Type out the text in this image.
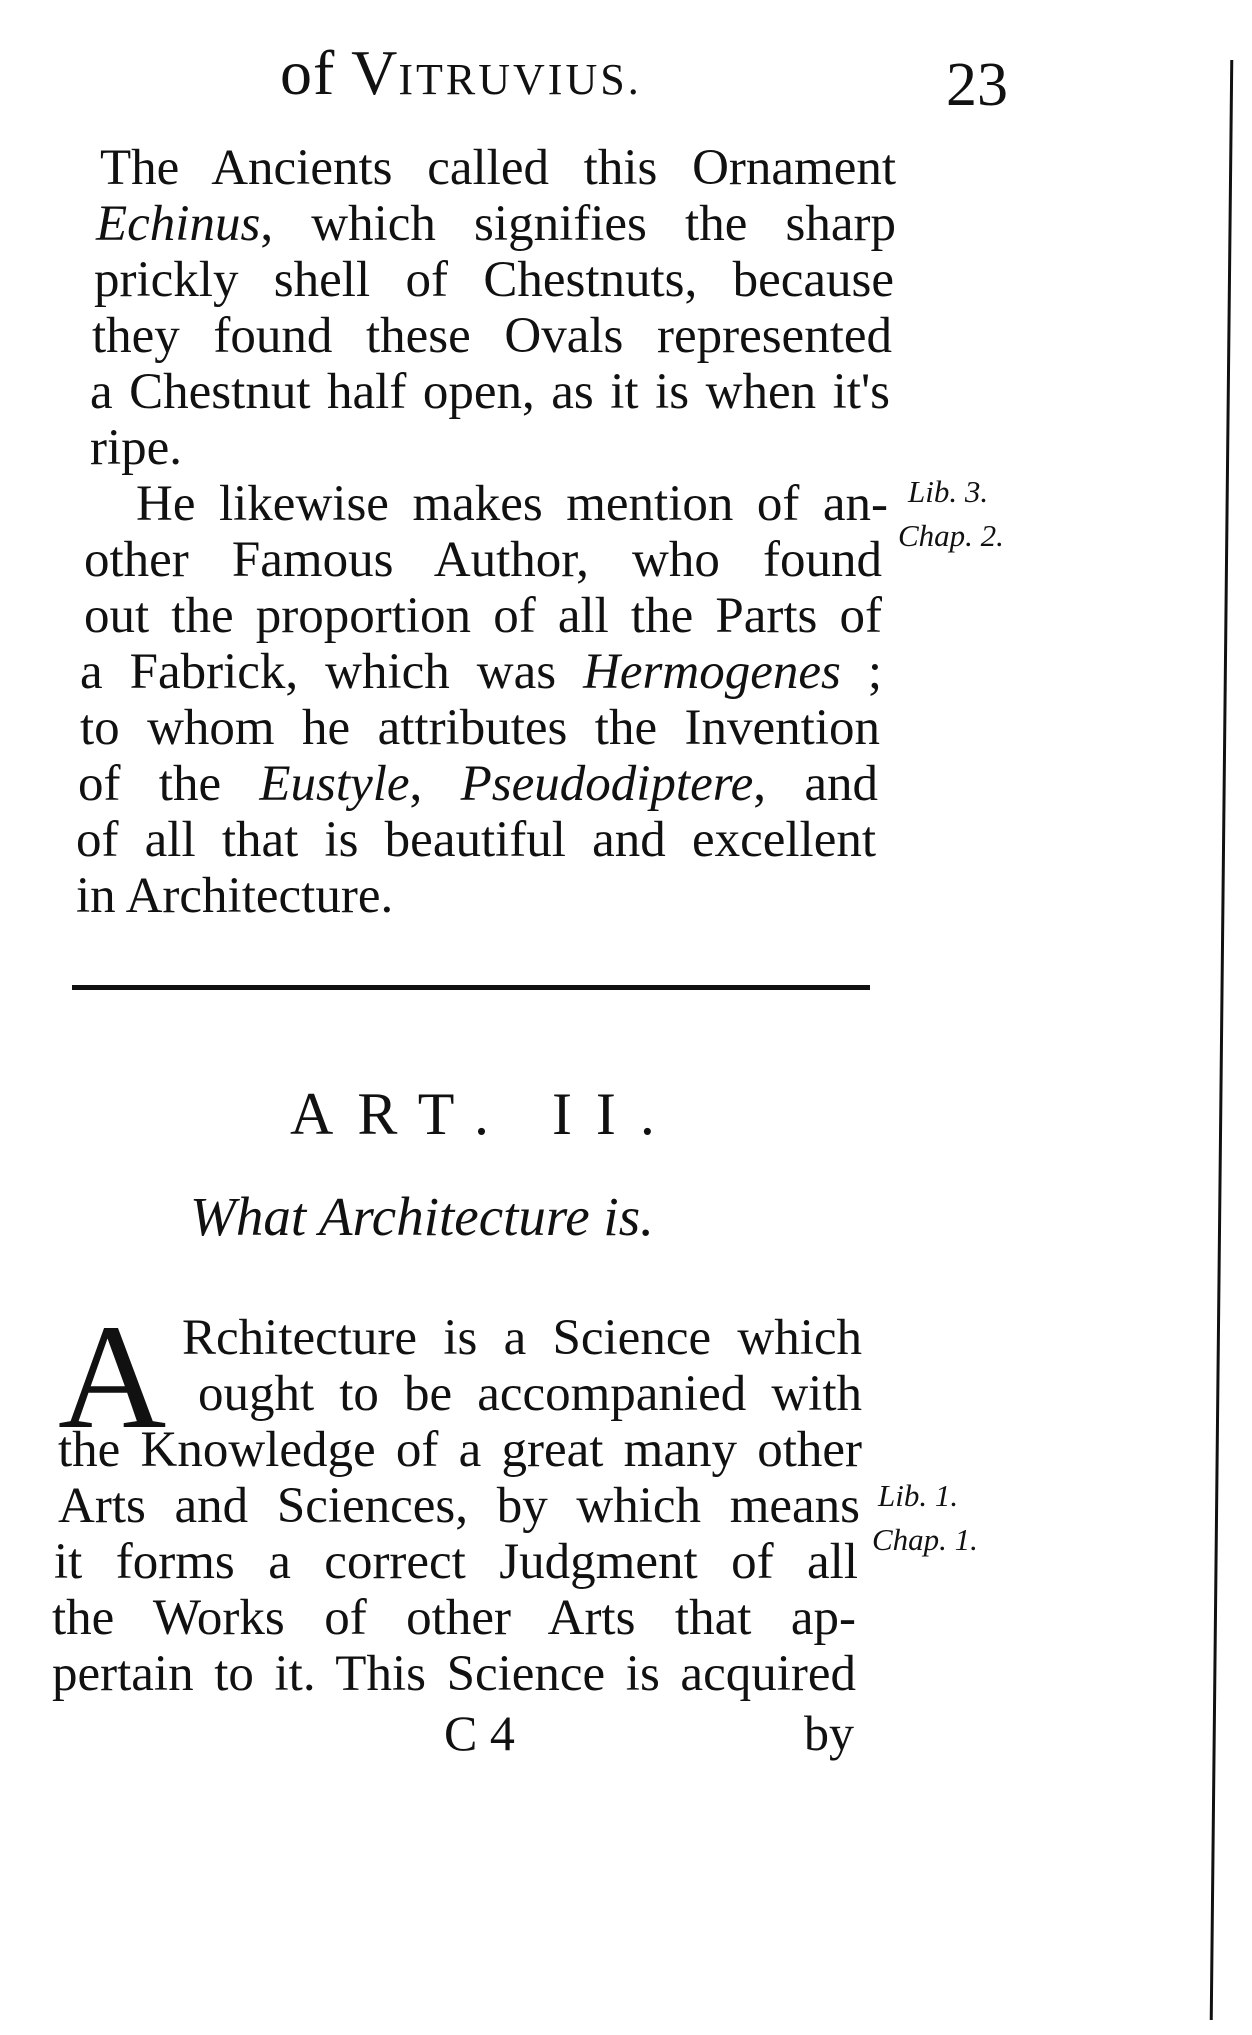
of VITRUVIUS.	23
The Ancients called this Ornament
Echinus, which signifies the sharp
prickly shell of Chestnuts, because
they found these Ovals represented
a Chestnut half open, as it is when it's
ripe.
He likewise makes mention of an-
other Famous Author, who found
out the proportion of all the Parts of
a Fabrick, which was Hermogenes ;
to whom he attributes the Invention
of the Eustyle, Pseudodiptere, and
of all that is beautiful and excellent
in Architecture.
Lib. 3.
Chap. 2.
ART. II.
What Architecture is.
A Rchitecture is a Science which
ought to be accompanied with
the Knowledge of a great many other
Arts and Sciences, by which means
it forms a correct Judgment of all
the Works of other Arts that ap-
pertain to it. This Science is acquired
Lib. 1.
Chap. 1.
C 4	by
